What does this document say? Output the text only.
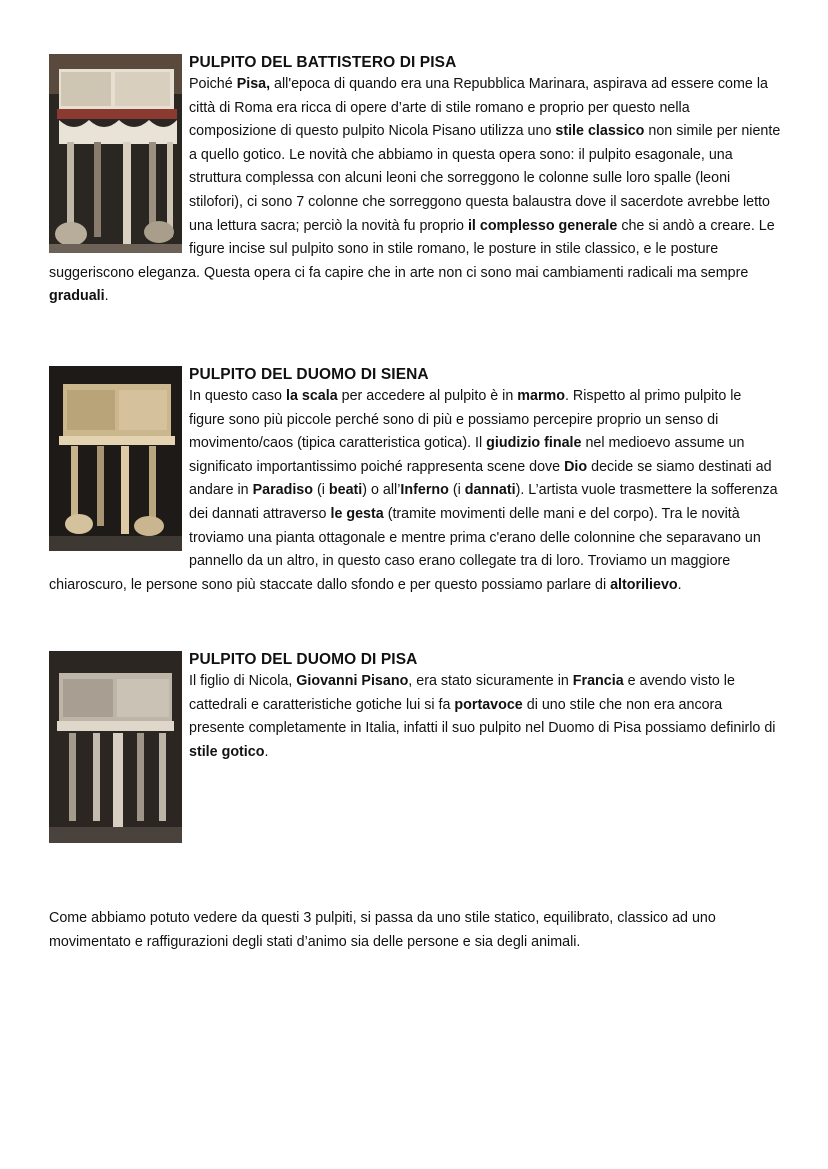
PULPITO DEL BATTISTERO DI PISA

Poiché Pisa, all'epoca di quando era una Repubblica Marinara, aspirava ad essere come la città di Roma era ricca di opere d’arte di stile romano e proprio per questo nella composizione di questo pulpito Nicola Pisano utilizza uno stile classico non simile per niente a quello gotico. Le novità che abbiamo in questa opera sono: il pulpito esagonale, una struttura complessa con alcuni leoni che sorreggono le colonne sulle loro spalle (leoni stilofori), ci sono 7 colonne che sorreggono questa balaustra dove il sacerdote avrebbe letto una lettura sacra; perciò la novità fu proprio il complesso generale che si andò a creare. Le figure incise sul pulpito sono in stile romano, le posture in stile classico, e le posture suggeriscono eleganza. Questa opera ci fa capire che in arte non ci sono mai cambiamenti radicali ma sempre graduali.

PULPITO DEL DUOMO DI SIENA

In questo caso la scala per accedere al pulpito è in marmo. Rispetto al primo pulpito le figure sono più piccole perché sono di più e possiamo percepire proprio un senso di movimento/caos (tipica caratteristica gotica). Il giudizio finale nel medioevo assume un significato importantissimo poiché rappresenta scene dove Dio decide se siamo destinati ad andare in Paradiso (i beati) o all’Inferno (i dannati). L’artista vuole trasmettere la sofferenza dei dannati attraverso le gesta (tramite movimenti delle mani e del corpo). Tra le novità troviamo una pianta ottagonale e mentre prima c'erano delle colonnine che separavano un pannello da un altro, in questo caso erano collegate tra di loro. Troviamo un maggiore chiaroscuro, le persone sono più staccate dallo sfondo e per questo possiamo parlare di altorilievo.

PULPITO DEL DUOMO DI PISA

Il figlio di Nicola, Giovanni Pisano, era stato sicuramente in Francia e avendo visto le cattedrali e caratteristiche gotiche lui si fa portavoce di uno stile che non era ancora presente completamente in Italia, infatti il suo pulpito nel Duomo di Pisa possiamo definirlo di stile gotico.

Come abbiamo potuto vedere da questi 3 pulpiti, si passa da uno stile statico, equilibrato, classico ad uno movimentato e raffigurazioni degli stati d’animo sia delle persone e sia degli animali.
